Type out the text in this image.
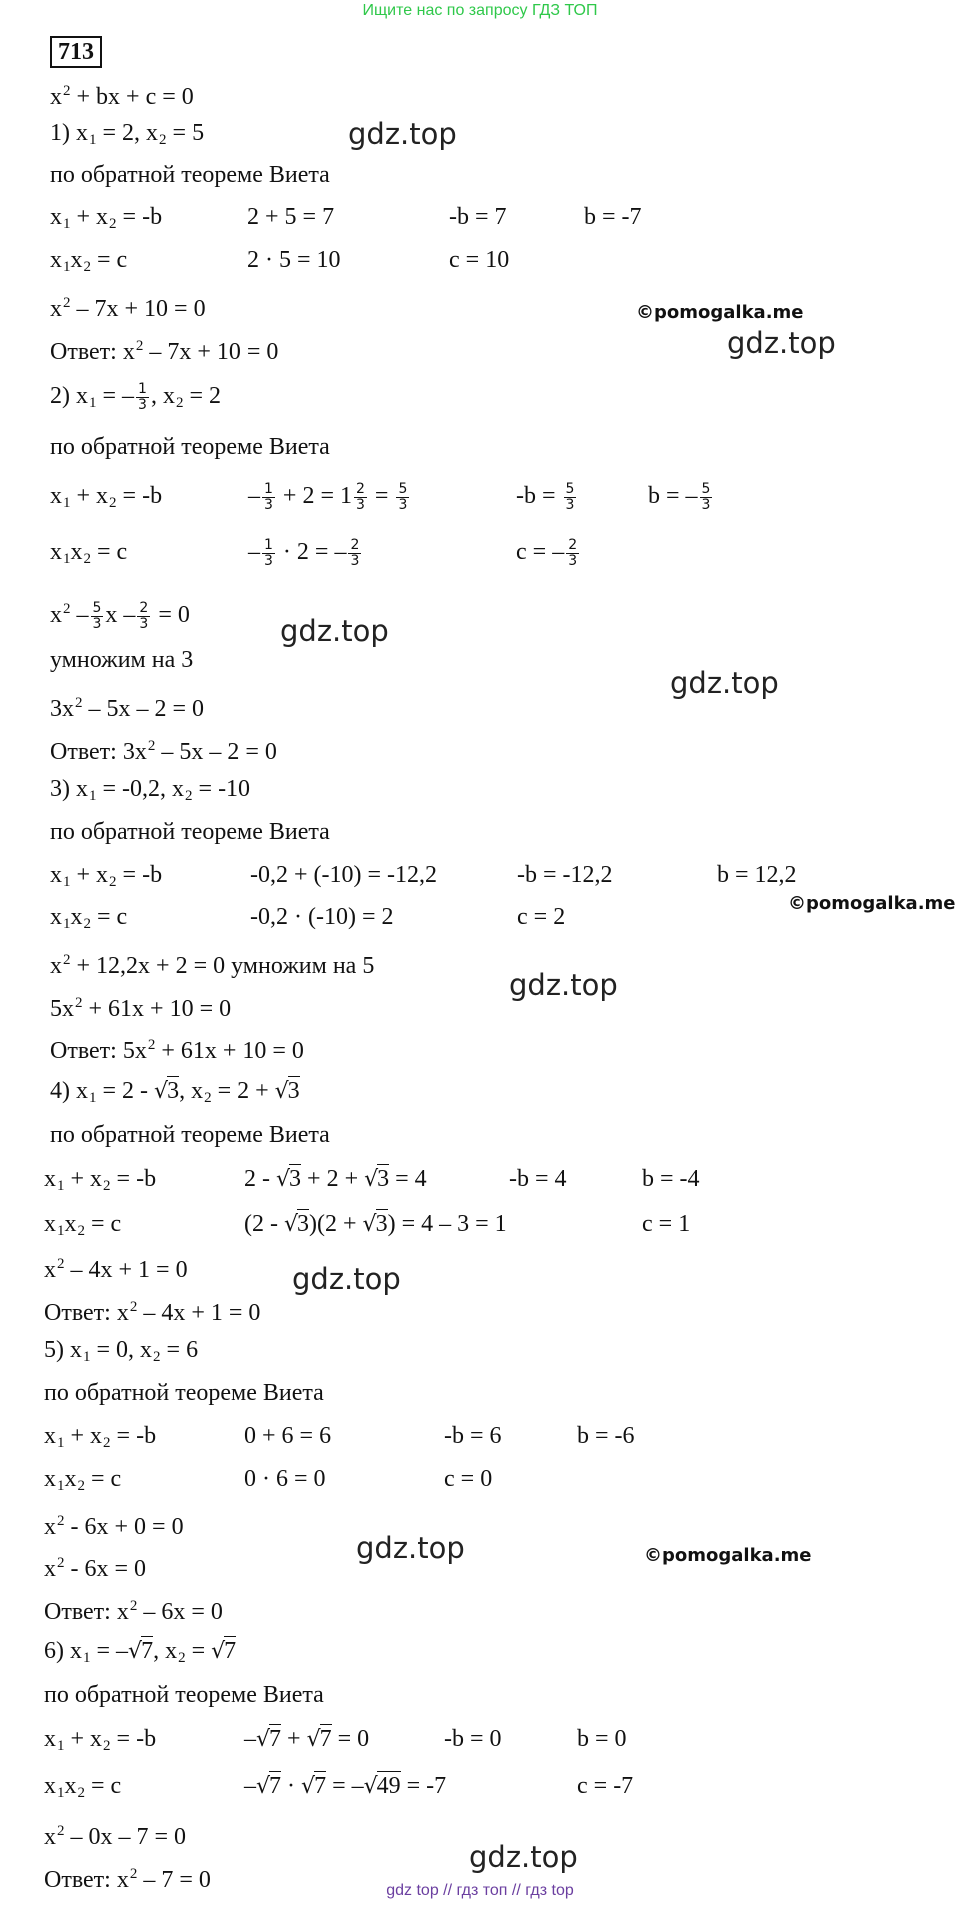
Ищите нас по запросу ГДЗ ТОП
713
$x^2$ + bx + c = 0
1) $x_1 = 2$, $x_2 = 5$
по обратной теореме Виета
$x_1 + x_2 = -b$	2 + 5 = 7	-b = 7	b = -7
$x_1x_2 = c$	2 · 5 = 10	c = 10
$x^2 - 7x + 10 = 0$
Ответ: $x^2 - 7x + 10 = 0$
2) $x_1$ = – $\frac{1}{3}$ , $x_2 = 2$
по обратной теореме Виета
$x_1 + x_2 = -b$	– $\frac{1}{3} + 2 = 1 \frac{2}{3} = \frac{5}{3}$	$-b = \frac{5}{3}$	b = – $\frac{5}{3}$
$x_1x_2 = c$	– $\frac{1}{3} \cdot 2$ = – $\frac{2}{3}$	c = – $\frac{2}{3}$
$x^2 - \frac{5}{3}$ $x - \frac{2}{3} = 0$
умножим на 3
$3x^2 - 5x - 2 = 0$
Ответ: $3x^2 - 5x - 2 = 0$
3) $x_1 = -0,2$, $x_2 = -10$
по обратной теореме Виета
$x_1 + x_2 = -b$	-0,2 + (-10) = -12,2	-b = -12,2	b = 12,2
$x_1x_2 = c$	-0,2 · (-10) = 2	c = 2
$x^2 + 12,2x + 2 = 0$ умножим на 5
$5x^2 + 61x + 10 = 0$
Ответ: $5x^2 + 61x + 10 = 0$
4) $x_1 = 2 - √3$, $x_2 = 2 + √3$
по обратной теореме Виета
$x_1 + x_2 = -b$	2 - √3 + 2 + √3 = 4	-b = 4	b = -4
$x_1x_2 = c$	(2 - √3)(2 + √3) = 4 – 3 = 1	c = 1
$x^2 - 4x + 1 = 0$
Ответ: $x^2 - 4x + 1 = 0$
5) $x_1 = 0$, $x_2 = 6$
по обратной теореме Виета
$x_1 + x_2 = -b$	0 + 6 = 6	-b = 6	b = -6
$x_1x_2 = c$	0 · 6 = 0	c = 0
$x^2 - 6x + 0 = 0$
$x^2 - 6x = 0$
Ответ: $x^2 - 6x = 0$
6) $x_1 = -√7$, $x_2 = √7$
по обратной теореме Виета
$x_1 + x_2 = -b$	–√7 + √7 = 0	-b = 0	b = 0
$x_1x_2 = c$	–√7 · √7 = –√49 = -7	c = -7
$x^2 - 0x - 7 = 0$
Ответ: $x^2 - 7 = 0$
gdz.top
gdz.top
gdz.top
gdz.top
gdz.top
gdz.top
gdz.top
gdz.top
©pomogalka.me
©pomogalka.me
©pomogalka.me
gdz top // гдз топ // гдз top
